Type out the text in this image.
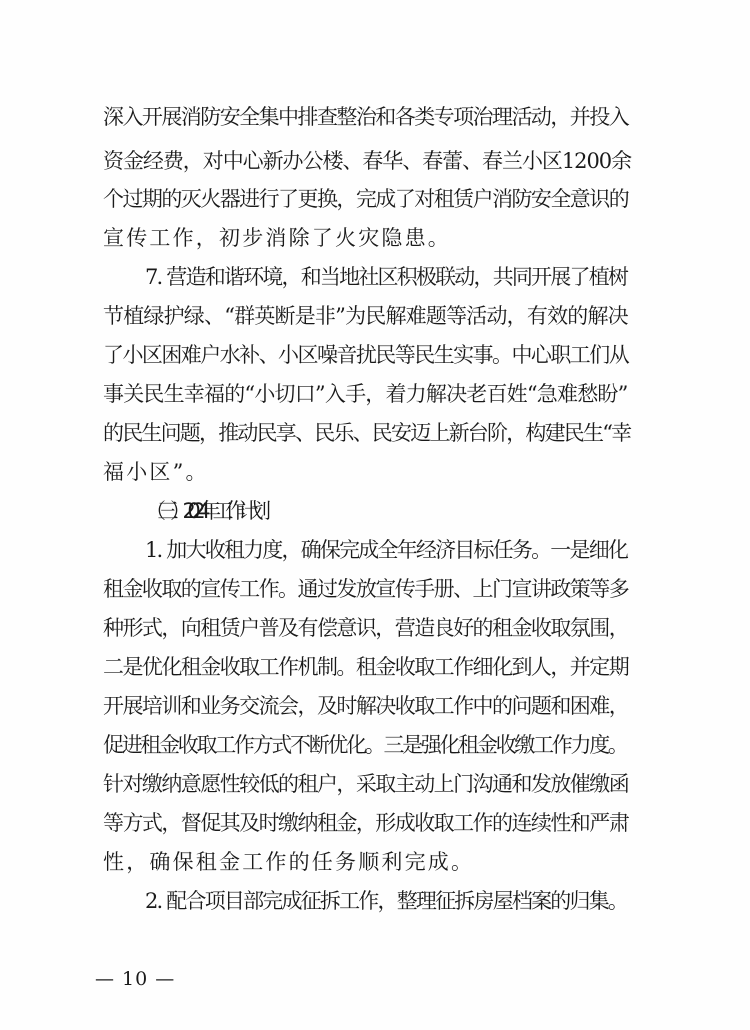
深入开展消防安全集中排查整治和各类专项治理活动，并投入
资金经费，对中心新办公楼、春华、春蕾、春兰小区1200余
个过期的灭火器进行了更换，完成了对租赁户消防安全意识的
宣传工作，初步消除了火灾隐患。
7. 营造和谐环境，和当地社区积极联动，共同开展了植树
节植绿护绿、“群英断是非”为民解难题等活动，有效的解决
了小区困难户水补、小区噪音扰民等民生实事。中心职工们从
事关民生幸福的“小切口”入手，着力解决老百姓“急难愁盼”
的民生问题，推动民享、民乐、民安迈上新台阶，构建民生“幸
福小区”。
（三）2024 年工作计划
1. 加大收租力度，确保完成全年经济目标任务。一是细化
租金收取的宣传工作。通过发放宣传手册、上门宣讲政策等多
种形式，向租赁户普及有偿意识，营造良好的租金收取氛围，
二是优化租金收取工作机制。租金收取工作细化到人，并定期
开展培训和业务交流会，及时解决收取工作中的问题和困难，
促进租金收取工作方式不断优化。三是强化租金收缴工作力度。
针对缴纳意愿性较低的租户，采取主动上门沟通和发放催缴函
等方式，督促其及时缴纳租金，形成收取工作的连续性和严肃
性，确保租金工作的任务顺利完成。
2. 配合项目部完成征拆工作，整理征拆房屋档案的归集。
— 10 —
